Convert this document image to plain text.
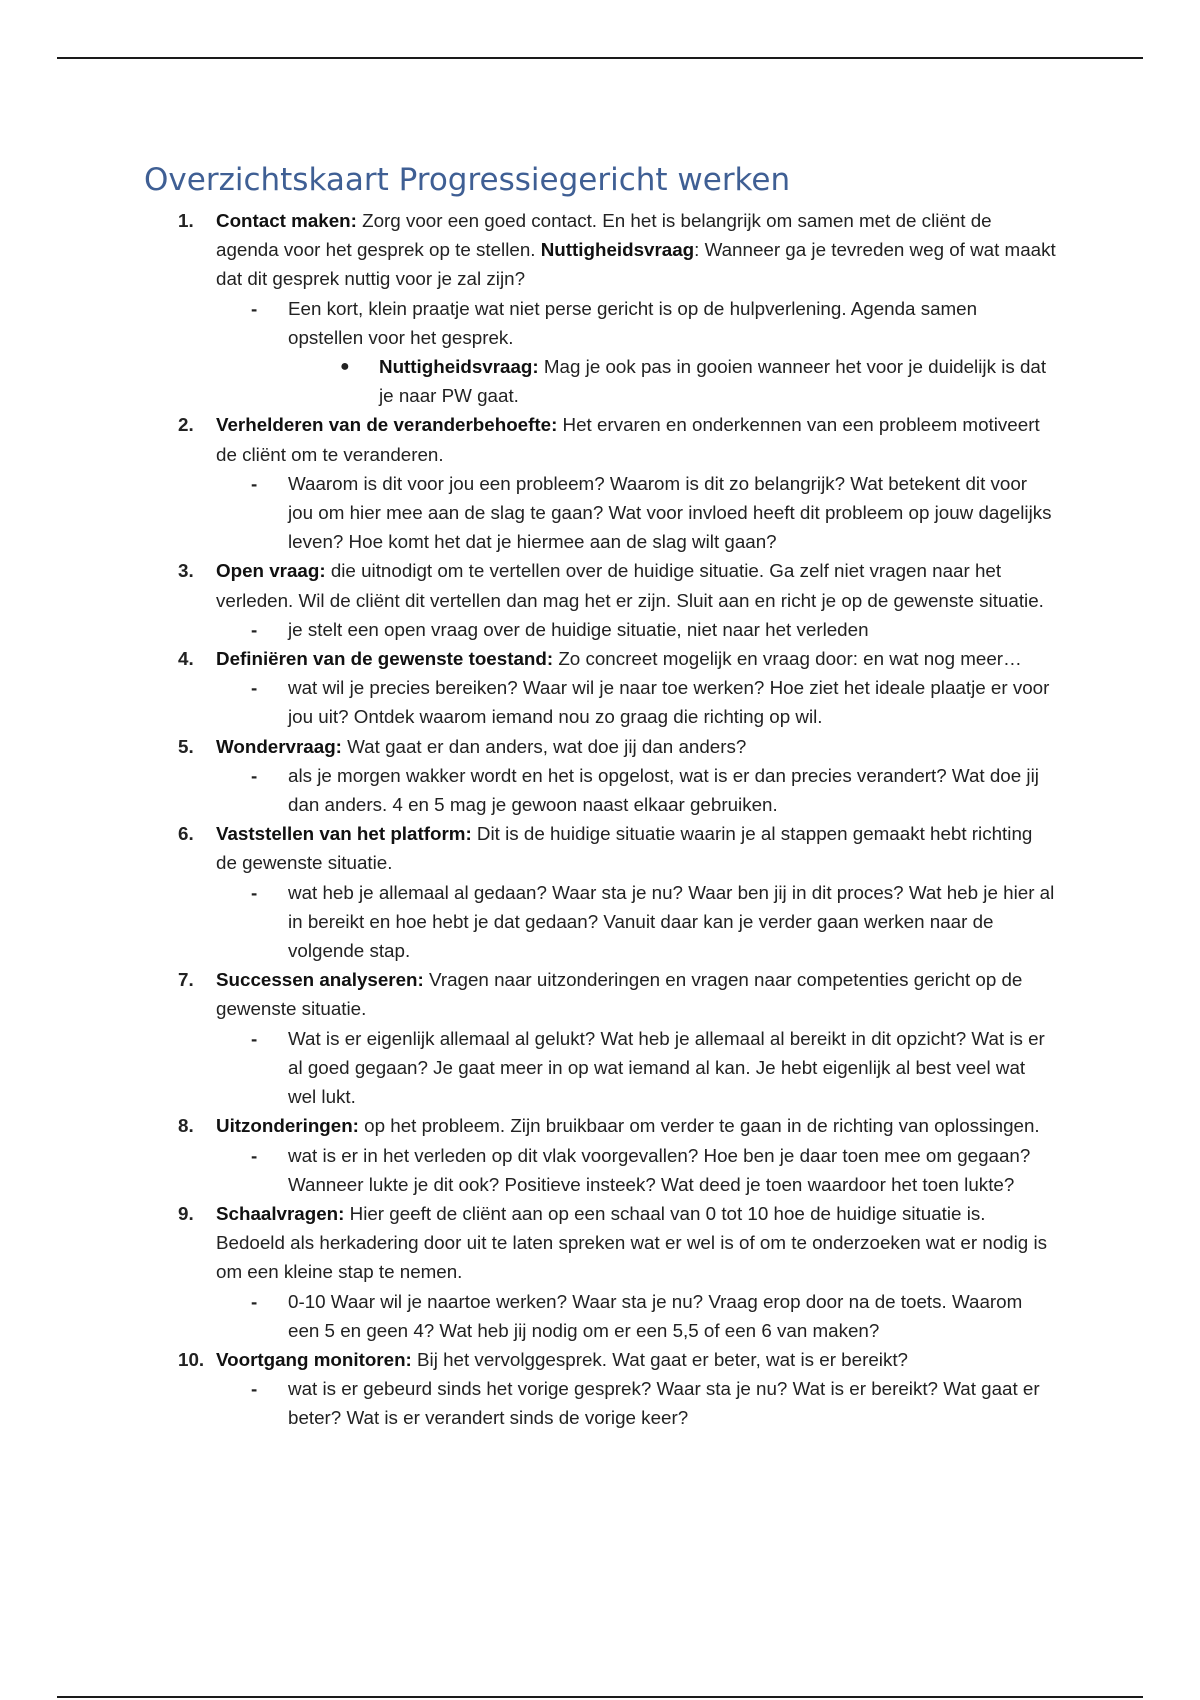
Overzichtskaart Progressiegericht werken
1. Contact maken: Zorg voor een goed contact. En het is belangrijk om samen met de cliënt de agenda voor het gesprek op te stellen. Nuttigheidsvraag: Wanneer ga je tevreden weg of wat maakt dat dit gesprek nuttig voor je zal zijn?
- Een kort, klein praatje wat niet perse gericht is op de hulpverlening. Agenda samen opstellen voor het gesprek.
● Nuttigheidsvraag: Mag je ook pas in gooien wanneer het voor je duidelijk is dat je naar PW gaat.
2. Verhelderen van de veranderbehoefte: Het ervaren en onderkennen van een probleem motiveert de cliënt om te veranderen.
- Waarom is dit voor jou een probleem? Waarom is dit zo belangrijk? Wat betekent dit voor jou om hier mee aan de slag te gaan? Wat voor invloed heeft dit probleem op jouw dagelijks leven? Hoe komt het dat je hiermee aan de slag wilt gaan?
3. Open vraag: die uitnodigt om te vertellen over de huidige situatie. Ga zelf niet vragen naar het verleden. Wil de cliënt dit vertellen dan mag het er zijn. Sluit aan en richt je op de gewenste situatie.
- je stelt een open vraag over de huidige situatie, niet naar het verleden
4. Definiëren van de gewenste toestand: Zo concreet mogelijk en vraag door: en wat nog meer…
- wat wil je precies bereiken? Waar wil je naar toe werken? Hoe ziet het ideale plaatje er voor jou uit? Ontdek waarom iemand nou zo graag die richting op wil.
5. Wondervraag: Wat gaat er dan anders, wat doe jij dan anders?
- als je morgen wakker wordt en het is opgelost, wat is er dan precies verandert? Wat doe jij dan anders. 4 en 5 mag je gewoon naast elkaar gebruiken.
6. Vaststellen van het platform: Dit is de huidige situatie waarin je al stappen gemaakt hebt richting de gewenste situatie.
- wat heb je allemaal al gedaan? Waar sta je nu? Waar ben jij in dit proces? Wat heb je hier al in bereikt en hoe hebt je dat gedaan? Vanuit daar kan je verder gaan werken naar de volgende stap.
7. Successen analyseren: Vragen naar uitzonderingen en vragen naar competenties gericht op de gewenste situatie.
- Wat is er eigenlijk allemaal al gelukt? Wat heb je allemaal al bereikt in dit opzicht? Wat is er al goed gegaan? Je gaat meer in op wat iemand al kan. Je hebt eigenlijk al best veel wat wel lukt.
8. Uitzonderingen: op het probleem. Zijn bruikbaar om verder te gaan in de richting van oplossingen.
- wat is er in het verleden op dit vlak voorgevallen? Hoe ben je daar toen mee om gegaan? Wanneer lukte je dit ook? Positieve insteek? Wat deed je toen waardoor het toen lukte?
9. Schaalvragen: Hier geeft de cliënt aan op een schaal van 0 tot 10 hoe de huidige situatie is. Bedoeld als herkadering door uit te laten spreken wat er wel is of om te onderzoeken wat er nodig is om een kleine stap te nemen.
- 0-10 Waar wil je naartoe werken? Waar sta je nu? Vraag erop door na de toets. Waarom een 5 en geen 4? Wat heb jij nodig om er een 5,5 of een 6 van maken?
10. Voortgang monitoren: Bij het vervolggesprek. Wat gaat er beter, wat is er bereikt?
- wat is er gebeurd sinds het vorige gesprek? Waar sta je nu? Wat is er bereikt? Wat gaat er beter? Wat is er verandert sinds de vorige keer?
